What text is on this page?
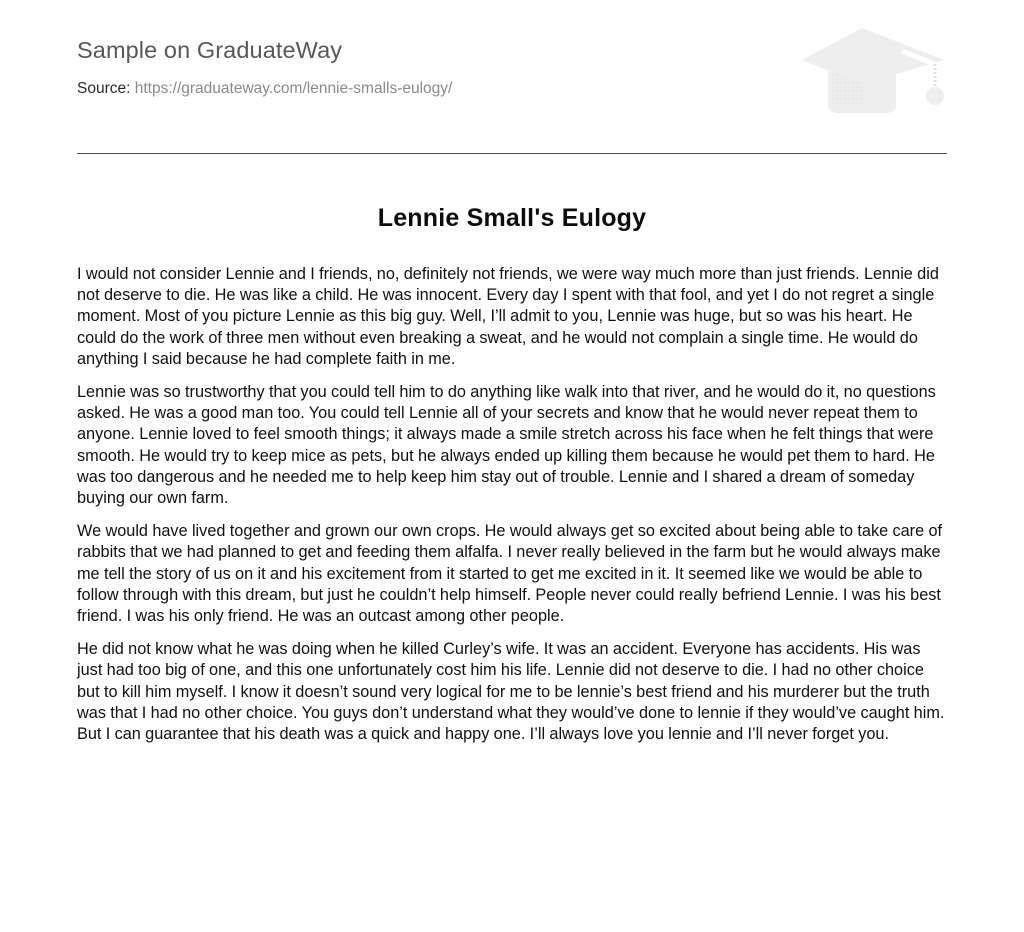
Sample on GraduateWay
Source: https://graduateway.com/lennie-smalls-eulogy/
Lennie Small's Eulogy

I would not consider Lennie and I friends, no, definitely not friends, we were way much more than just friends. Lennie did not deserve to die. He was like a child. He was innocent. Every day I spent with that fool, and yet I do not regret a single moment. Most of you picture Lennie as this big guy. Well, I’ll admit to you, Lennie was huge, but so was his heart. He could do the work of three men without even breaking a sweat, and he would not complain a single time. He would do anything I said because he had complete faith in me.

Lennie was so trustworthy that you could tell him to do anything like walk into that river, and he would do it, no questions asked. He was a good man too. You could tell Lennie all of your secrets and know that he would never repeat them to anyone. Lennie loved to feel smooth things; it always made a smile stretch across his face when he felt things that were smooth. He would try to keep mice as pets, but he always ended up killing them because he would pet them to hard. He was too dangerous and he needed me to help keep him stay out of trouble. Lennie and I shared a dream of someday buying our own farm.

We would have lived together and grown our own crops. He would always get so excited about being able to take care of rabbits that we had planned to get and feeding them alfalfa. I never really believed in the farm but he would always make me tell the story of us on it and his excitement from it started to get me excited in it. It seemed like we would be able to follow through with this dream, but just he couldn’t help himself. People never could really befriend Lennie. I was his best friend. I was his only friend. He was an outcast among other people.

He did not know what he was doing when he killed Curley’s wife. It was an accident. Everyone has accidents. His was just had too big of one, and this one unfortunately cost him his life. Lennie did not deserve to die. I had no other choice but to kill him myself. I know it doesn’t sound very logical for me to be lennie’s best friend and his murderer but the truth was that I had no other choice. You guys don’t understand what they would’ve done to lennie if they would’ve caught him. But I can guarantee that his death was a quick and happy one. I’ll always love you lennie and I’ll never forget you.
